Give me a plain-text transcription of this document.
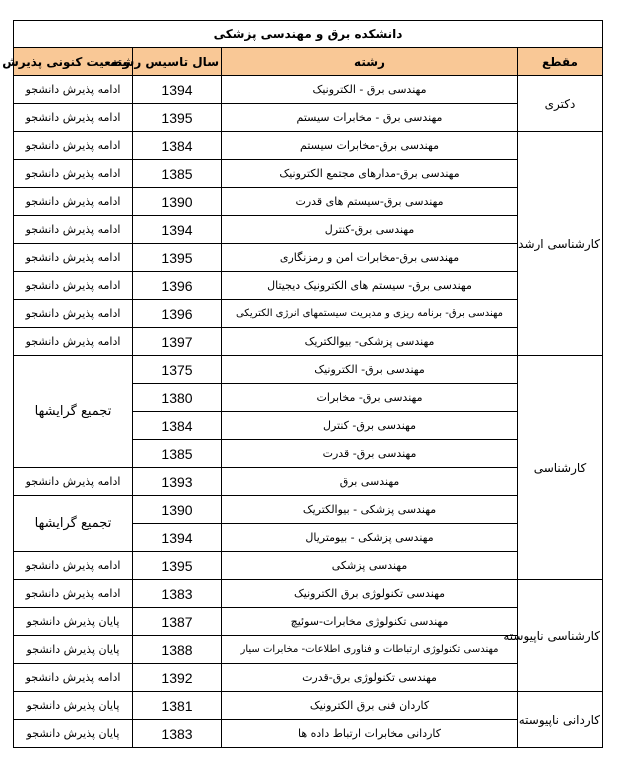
دانشکده برق و مهندسی پزشکی			
مقطع	رشته	سال تاسیس رشته	وضعیت کنونی پذیرش
دکتری	مهندسی برق - الکترونیک	1394	ادامه پذیرش دانشجو
	مهندسی برق - مخابرات سیستم	1395	ادامه پذیرش دانشجو
کارشناسی ارشد	مهندسی برق-مخابرات سیستم	1384	ادامه پذیرش دانشجو
	مهندسی برق-مدارهای مجتمع الکترونیک	1385	ادامه پذیرش دانشجو
	مهندسی برق-سیستم های قدرت	1390	ادامه پذیرش دانشجو
	مهندسی برق-کنترل	1394	ادامه پذیرش دانشجو
	مهندسی برق-مخابرات امن و رمزنگاری	1395	ادامه پذیرش دانشجو
	مهندسی برق- سیستم های الکترونیک دیجیتال	1396	ادامه پذیرش دانشجو
	مهندسی برق- برنامه ریزی و مدیریت سیستمهای انرژی الکتریکی	1396	ادامه پذیرش دانشجو
	مهندسی پزشکی- بیوالکتریک	1397	ادامه پذیرش دانشجو
کارشناسی	مهندسی برق- الکترونیک	1375	تجمیع گرایشها
	مهندسی برق- مخابرات	1380	
	مهندسی برق- کنترل	1384	
	مهندسی برق- قدرت	1385	
	مهندسی برق	1393	ادامه پذیرش دانشجو
	مهندسی پزشکی - بیوالکتریک	1390	تجمیع گرایشها
	مهندسی پزشکی - بیومتریال	1394	
	مهندسی پزشکی	1395	ادامه پذیرش دانشجو
کارشناسی ناپیوسته	مهندسی تکنولوژی برق الکترونیک	1383	ادامه پذیرش دانشجو
	مهندسی تکنولوژی مخابرات-سوئیچ	1387	پایان پذیرش دانشجو
	مهندسی تکنولوژی ارتباطات و فناوری اطلاعات- مخابرات سیار	1388	پایان پذیرش دانشجو
	مهندسی تکنولوژی برق-قدرت	1392	ادامه پذیرش دانشجو
کاردانی ناپیوسته	کاردان فنی برق الکترونیک	1381	پایان پذیرش دانشجو
	کاردانی مخابرات ارتباط داده ها	1383	پایان پذیرش دانشجو
